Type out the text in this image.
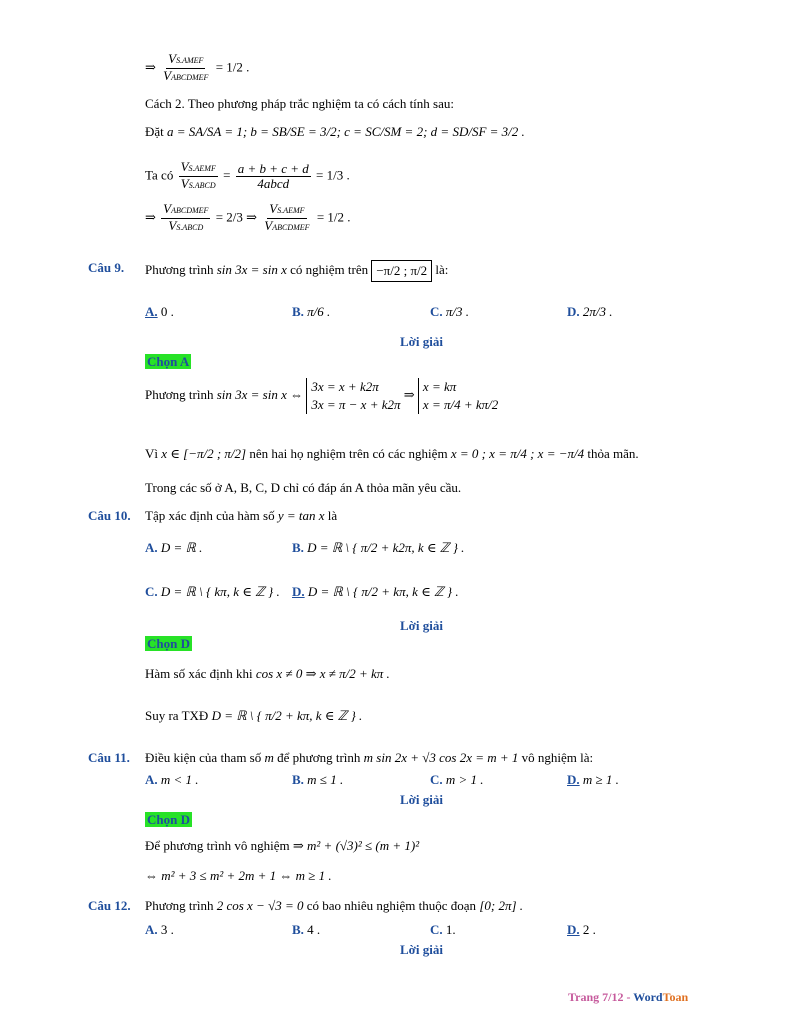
⇒
VS.AMEF
VABCDMEF
= 1/2 .
Cách 2. Theo phương pháp trắc nghiệm ta có cách tính sau:
Đặt a = SA/SA = 1; b = SB/SE = 3/2; c = SC/SM = 2; d = SD/SF = 3/2 .
Ta có
VS.AEMF
VS.ABCD
= a + b + c + d
4abcd
= 1/3 .
⇒
VABCDMEF
VS.ABCD
= 2/3 ⇒
VS.AEMF
VABCDMEF
= 1/2 .
Câu 9. Phương trình sin 3x = sin x có nghiệm trên −π/2 ; π/2 là:
A. 0 .	B. π/6 .	C. π/3 .	D. 2π/3 .
Lời giải
Chọn A
Phương trình sin 3x = sin x ⇔
3x = x + k2π
3x = π − x + k2π
⇒
x = kπ
x = π/4 + kπ/2
Vì x ∈ [−π/2 ; π/2] nên hai họ nghiệm trên có các nghiệm x = 0 ; x = π/4 ; x = −π/4 thỏa mãn.
Trong các số ở A, B, C, D chỉ có đáp án A thỏa mãn yêu cầu.
Câu 10. Tập xác định của hàm số y = tan x là
A. D = ℝ .	B. D = ℝ \ { π/2 + k2π, k ∈ ℤ } .
C. D = ℝ \ { kπ, k ∈ ℤ } . D. D = ℝ \ { π/2 + kπ, k ∈ ℤ } .
Lời giải
Chọn D
Hàm số xác định khi cos x ≠ 0 ⇒ x ≠ π/2 + kπ .
Suy ra TXĐ D = ℝ \ { π/2 + kπ, k ∈ ℤ } .
Câu 11. Điều kiện của tham số m để phương trình m sin 2x + √3 cos 2x = m + 1 vô nghiệm là:
A. m < 1 .	B. m ≤ 1 .	C. m > 1 .	D. m ≥ 1 .
Lời giải
Chọn D
Để phương trình vô nghiệm ⇒ m² + (√3)² ≤ (m + 1)²
⇔ m² + 3 ≤ m² + 2m + 1 ⇔ m ≥ 1 .
Câu 12. Phương trình 2 cos x − √3 = 0 có bao nhiêu nghiệm thuộc đoạn [0; 2π] .
A. 3 .	B. 4 .	C. 1.	D. 2 .
Lời giải
Trang 7/12 - WordToan
